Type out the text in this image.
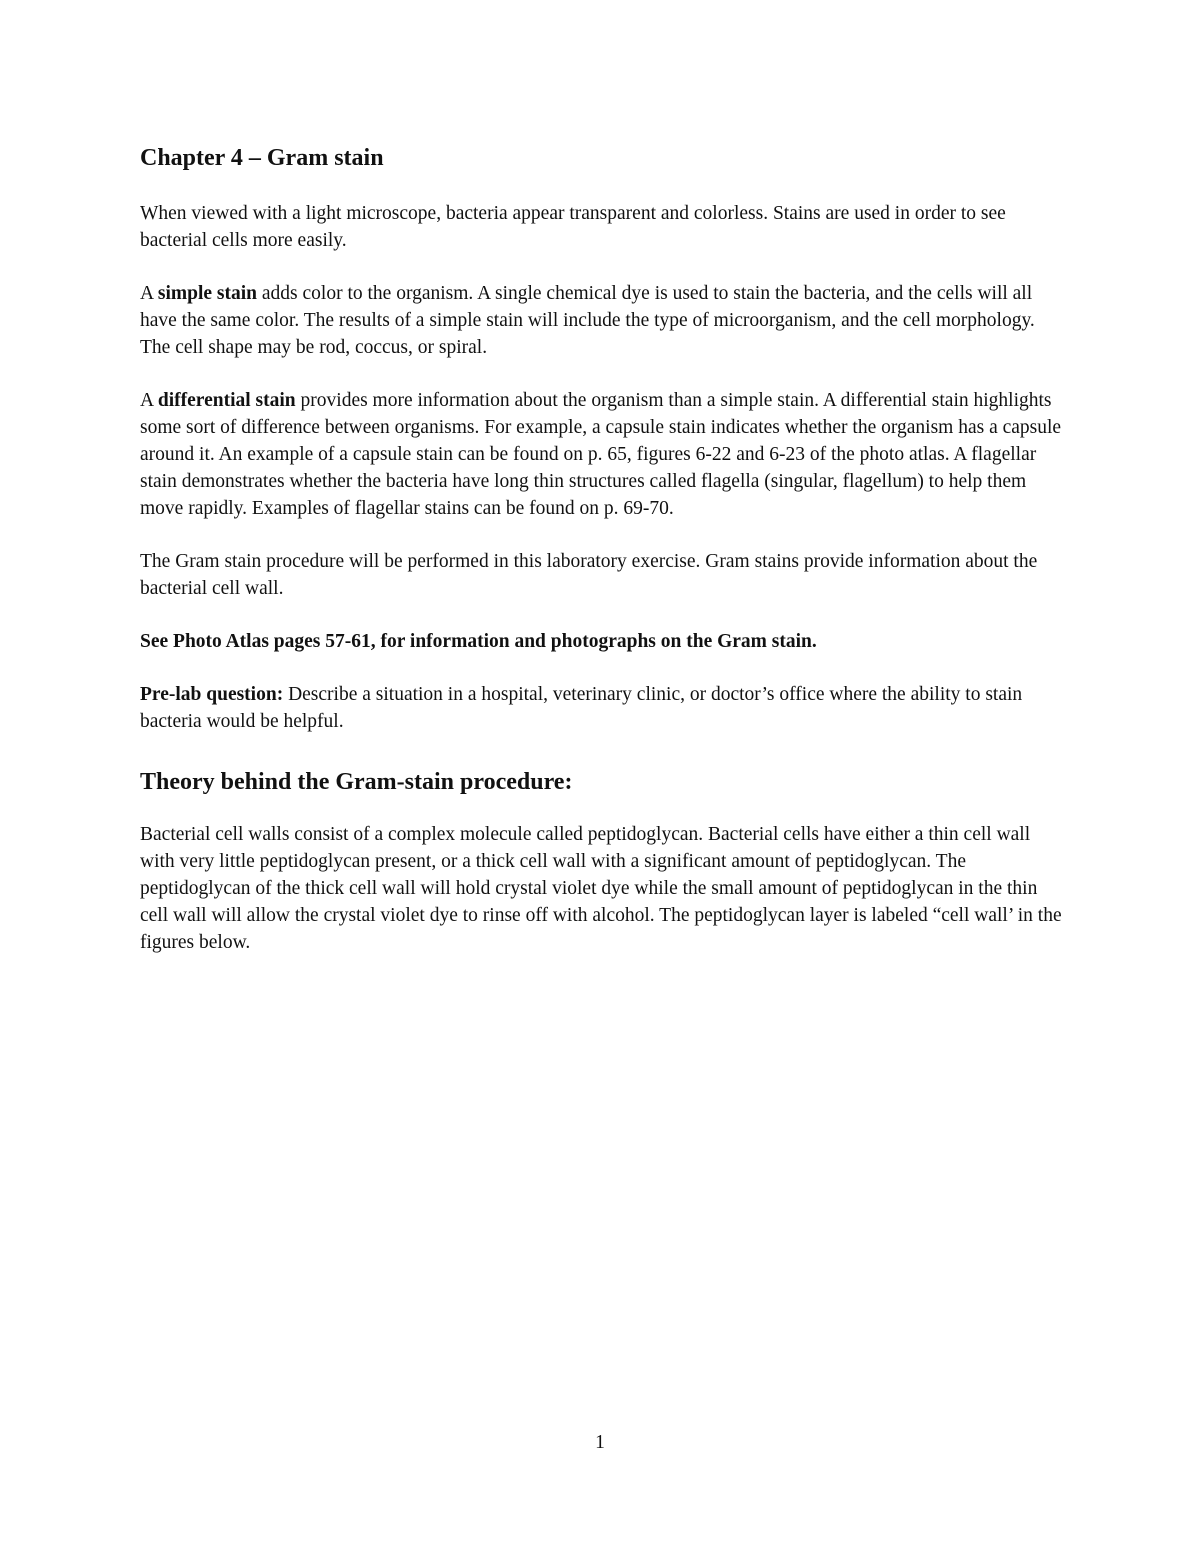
Chapter 4 – Gram stain

When viewed with a light microscope, bacteria appear transparent and colorless. Stains are used in order to see bacterial cells more easily.

A simple stain adds color to the organism. A single chemical dye is used to stain the bacteria, and the cells will all have the same color. The results of a simple stain will include the type of microorganism, and the cell morphology. The cell shape may be rod, coccus, or spiral.

A differential stain provides more information about the organism than a simple stain. A differential stain highlights some sort of difference between organisms. For example, a capsule stain indicates whether the organism has a capsule around it. An example of a capsule stain can be found on p. 65, figures 6-22 and 6-23 of the photo atlas. A flagellar stain demonstrates whether the bacteria have long thin structures called flagella (singular, flagellum) to help them move rapidly. Examples of flagellar stains can be found on p. 69-70.

The Gram stain procedure will be performed in this laboratory exercise. Gram stains provide information about the bacterial cell wall.

See Photo Atlas pages 57-61, for information and photographs on the Gram stain.

Pre-lab question: Describe a situation in a hospital, veterinary clinic, or doctor’s office where the ability to stain bacteria would be helpful.

Theory behind the Gram-stain procedure:

Bacterial cell walls consist of a complex molecule called peptidoglycan. Bacterial cells have either a thin cell wall with very little peptidoglycan present, or a thick cell wall with a significant amount of peptidoglycan. The peptidoglycan of the thick cell wall will hold crystal violet dye while the small amount of peptidoglycan in the thin cell wall will allow the crystal violet dye to rinse off with alcohol. The peptidoglycan layer is labeled “cell wall’ in the figures below.

1
